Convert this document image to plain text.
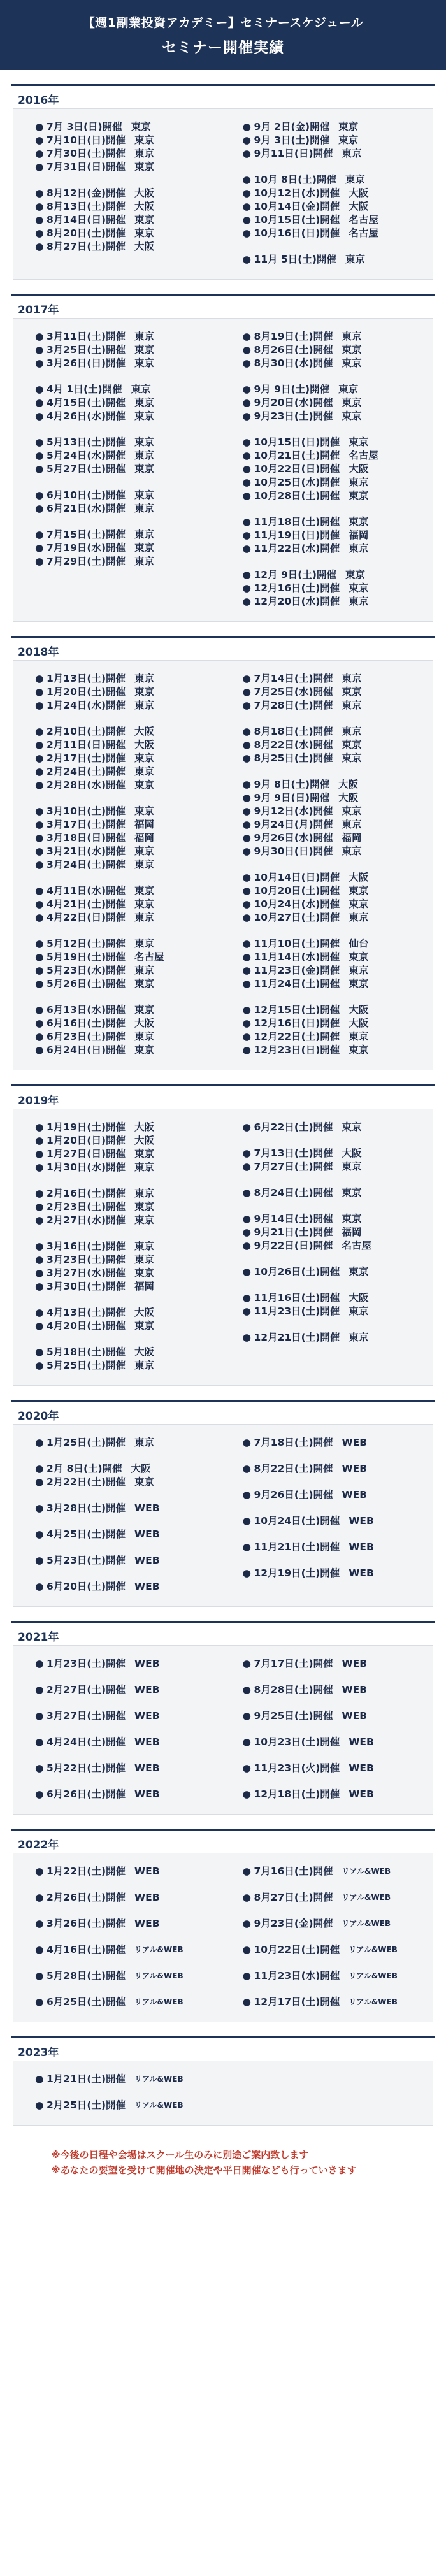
【週1副業投資アカデミー】セミナースケジュール
セミナー開催実績
2016年
● 7月 3日(日)開催 東京
● 7月10日(日)開催 東京
● 7月30日(土)開催 東京
● 7月31日(日)開催 東京
● 8月12日(金)開催 大阪
● 8月13日(土)開催 大阪
● 8月14日(日)開催 東京
● 8月20日(土)開催 東京
● 8月27日(土)開催 大阪
● 9月 2日(金)開催 東京
● 9月 3日(土)開催 東京
● 9月11日(日)開催 東京
● 10月 8日(土)開催 東京
● 10月12日(水)開催 大阪
● 10月14日(金)開催 大阪
● 10月15日(土)開催 名古屋
● 10月16日(日)開催 名古屋
● 11月 5日(土)開催 東京
2017年
● 3月11日(土)開催 東京
● 3月25日(土)開催 東京
● 3月26日(日)開催 東京
● 4月 1日(土)開催 東京
● 4月15日(土)開催 東京
● 4月26日(水)開催 東京
● 5月13日(土)開催 東京
● 5月24日(水)開催 東京
● 5月27日(土)開催 東京
● 6月10日(土)開催 東京
● 6月21日(水)開催 東京
● 7月15日(土)開催 東京
● 7月19日(水)開催 東京
● 7月29日(土)開催 東京
● 8月19日(土)開催 東京
● 8月26日(土)開催 東京
● 8月30日(水)開催 東京
● 9月 9日(土)開催 東京
● 9月20日(水)開催 東京
● 9月23日(土)開催 東京
● 10月15日(日)開催 東京
● 10月21日(土)開催 名古屋
● 10月22日(日)開催 大阪
● 10月25日(水)開催 東京
● 10月28日(土)開催 東京
● 11月18日(土)開催 東京
● 11月19日(日)開催 福岡
● 11月22日(水)開催 東京
● 12月 9日(土)開催 東京
● 12月16日(土)開催 東京
● 12月20日(水)開催 東京
2018年
● 1月13日(土)開催 東京
● 1月20日(土)開催 東京
● 1月24日(水)開催 東京
● 2月10日(土)開催 大阪
● 2月11日(日)開催 大阪
● 2月17日(土)開催 東京
● 2月24日(土)開催 東京
● 2月28日(水)開催 東京
● 3月10日(土)開催 東京
● 3月17日(土)開催 福岡
● 3月18日(日)開催 福岡
● 3月21日(水)開催 東京
● 3月24日(土)開催 東京
● 4月11日(水)開催 東京
● 4月21日(土)開催 東京
● 4月22日(日)開催 東京
● 5月12日(土)開催 東京
● 5月19日(土)開催 名古屋
● 5月23日(水)開催 東京
● 5月26日(土)開催 東京
● 6月13日(水)開催 東京
● 6月16日(土)開催 大阪
● 6月23日(土)開催 東京
● 6月24日(日)開催 東京
● 7月14日(土)開催 東京
● 7月25日(水)開催 東京
● 7月28日(土)開催 東京
● 8月18日(土)開催 東京
● 8月22日(水)開催 東京
● 8月25日(土)開催 東京
● 9月 8日(土)開催 大阪
● 9月 9日(日)開催 大阪
● 9月12日(水)開催 東京
● 9月24日(月)開催 東京
● 9月26日(水)開催 福岡
● 9月30日(日)開催 東京
● 10月14日(日)開催 大阪
● 10月20日(土)開催 東京
● 10月24日(水)開催 東京
● 10月27日(土)開催 東京
● 11月10日(土)開催 仙台
● 11月14日(水)開催 東京
● 11月23日(金)開催 東京
● 11月24日(土)開催 東京
● 12月15日(土)開催 大阪
● 12月16日(日)開催 大阪
● 12月22日(土)開催 東京
● 12月23日(日)開催 東京
2019年
● 1月19日(土)開催 大阪
● 1月20日(日)開催 大阪
● 1月27日(日)開催 東京
● 1月30日(水)開催 東京
● 2月16日(土)開催 東京
● 2月23日(土)開催 東京
● 2月27日(水)開催 東京
● 3月16日(土)開催 東京
● 3月23日(土)開催 東京
● 3月27日(水)開催 東京
● 3月30日(土)開催 福岡
● 4月13日(土)開催 大阪
● 4月20日(土)開催 東京
● 5月18日(土)開催 大阪
● 5月25日(土)開催 東京
● 6月22日(土)開催 東京
● 7月13日(土)開催 大阪
● 7月27日(土)開催 東京
● 8月24日(土)開催 東京
● 9月14日(土)開催 東京
● 9月21日(土)開催 福岡
● 9月22日(日)開催 名古屋
● 10月26日(土)開催 東京
● 11月16日(土)開催 大阪
● 11月23日(土)開催 東京
● 12月21日(土)開催 東京
2020年
● 1月25日(土)開催 東京
● 2月 8日(土)開催 大阪
● 2月22日(土)開催 東京
● 3月28日(土)開催 WEB
● 4月25日(土)開催 WEB
● 5月23日(土)開催 WEB
● 6月20日(土)開催 WEB
● 7月18日(土)開催 WEB
● 8月22日(土)開催 WEB
● 9月26日(土)開催 WEB
● 10月24日(土)開催 WEB
● 11月21日(土)開催 WEB
● 12月19日(土)開催 WEB
2021年
● 1月23日(土)開催 WEB
● 2月27日(土)開催 WEB
● 3月27日(土)開催 WEB
● 4月24日(土)開催 WEB
● 5月22日(土)開催 WEB
● 6月26日(土)開催 WEB
● 7月17日(土)開催 WEB
● 8月28日(土)開催 WEB
● 9月25日(土)開催 WEB
● 10月23日(土)開催 WEB
● 11月23日(火)開催 WEB
● 12月18日(土)開催 WEB
2022年
● 1月22日(土)開催 WEB
● 2月26日(土)開催 WEB
● 3月26日(土)開催 WEB
● 4月16日(土)開催 リアル&WEB
● 5月28日(土)開催 リアル&WEB
● 6月25日(土)開催 リアル&WEB
● 7月16日(土)開催 リアル&WEB
● 8月27日(土)開催 リアル&WEB
● 9月23日(金)開催 リアル&WEB
● 10月22日(土)開催 リアル&WEB
● 11月23日(水)開催 リアル&WEB
● 12月17日(土)開催 リアル&WEB
2023年
● 1月21日(土)開催 リアル&WEB
● 2月25日(土)開催 リアル&WEB
※今後の日程や会場はスクール生のみに別途ご案内致します
※あなたの要望を受けて開催地の決定や平日開催なども行っていきます
